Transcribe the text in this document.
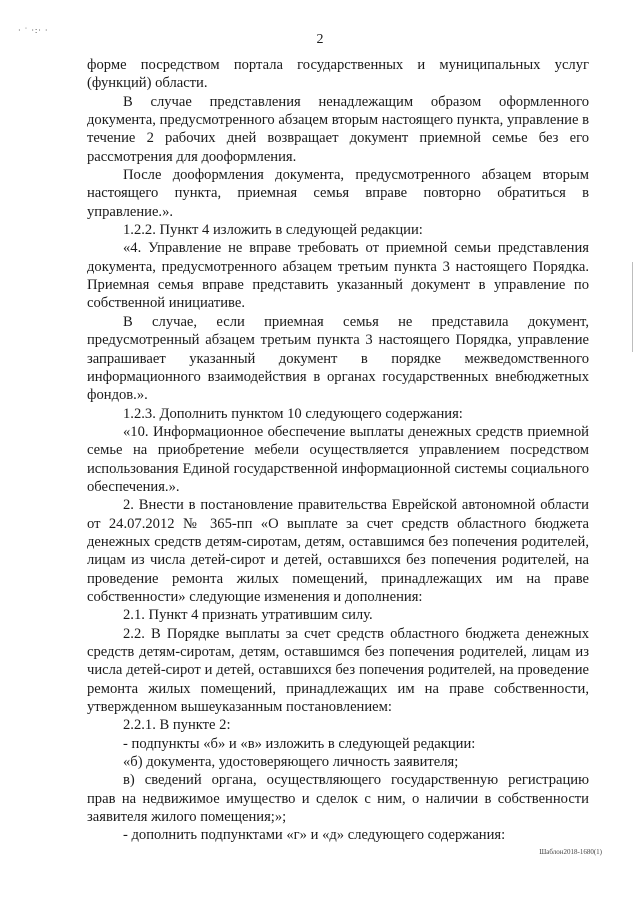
· ˙ ·:· ·
2

форме посредством портала государственных и муниципальных услуг (функций) области.

В случае представления ненадлежащим образом оформленного документа, предусмотренного абзацем вторым настоящего пункта, управление в течение 2 рабочих дней возвращает документ приемной семье без его рассмотрения для дооформления.

После дооформления документа, предусмотренного абзацем вторым настоящего пункта, приемная семья вправе повторно обратиться в управление.».

1.2.2. Пункт 4 изложить в следующей редакции:

«4. Управление не вправе требовать от приемной семьи представления документа, предусмотренного абзацем третьим пункта 3 настоящего Порядка. Приемная семья вправе представить указанный документ в управление по собственной инициативе.

В случае, если приемная семья не представила документ, предусмотренный абзацем третьим пункта 3 настоящего Порядка, управление запрашивает указанный документ в порядке межведомственного информационного взаимодействия в органах государственных внебюджетных фондов.».

1.2.3. Дополнить пунктом 10 следующего содержания:

«10. Информационное обеспечение выплаты денежных средств приемной семье на приобретение мебели осуществляется управлением посредством использования Единой государственной информационной системы социального обеспечения.».

2. Внести в постановление правительства Еврейской автономной области от 24.07.2012 № 365-пп «О выплате за счет средств областного бюджета денежных средств детям-сиротам, детям, оставшимся без попечения родителей, лицам из числа детей-сирот и детей, оставшихся без попечения родителей, на проведение ремонта жилых помещений, принадлежащих им на праве собственности» следующие изменения и дополнения:

2.1. Пункт 4 признать утратившим силу.

2.2. В Порядке выплаты за счет средств областного бюджета денежных средств детям-сиротам, детям, оставшимся без попечения родителей, лицам из числа детей-сирот и детей, оставшихся без попечения родителей, на проведение ремонта жилых помещений, принадлежащих им на праве собственности, утвержденном вышеуказанным постановлением:

2.2.1. В пункте 2:

- подпункты «б» и «в» изложить в следующей редакции:

«б) документа, удостоверяющего личность заявителя;

в) сведений органа, осуществляющего государственную регистрацию прав на недвижимое имущество и сделок с ним, о наличии в собственности заявителя жилого помещения;»;

- дополнить подпунктами «г» и «д» следующего содержания:

Шаблон2018-1680(1)
